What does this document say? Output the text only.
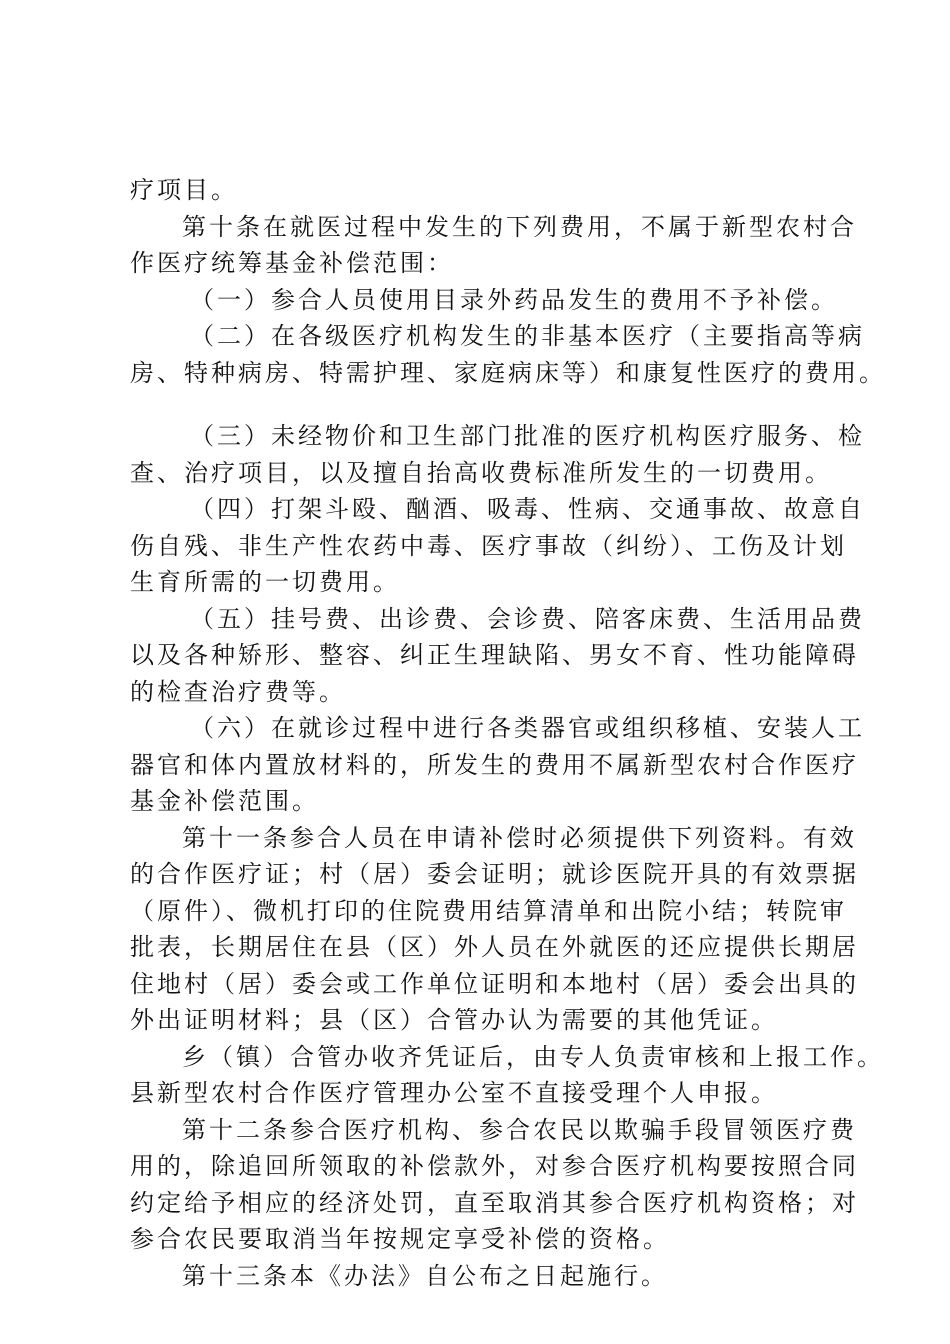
疗项目。
第十条在就医过程中发生的下列费用，不属于新型农村合
作医疗统筹基金补偿范围：
（一）参合人员使用目录外药品发生的费用不予补偿。
（二）在各级医疗机构发生的非基本医疗（主要指高等病
房、特种病房、特需护理、家庭病床等）和康复性医疗的费用。
（三）未经物价和卫生部门批准的医疗机构医疗服务、检
查、治疗项目，以及擅自抬高收费标准所发生的一切费用。
（四）打架斗殴、酗酒、吸毒、性病、交通事故、故意自
伤自残、非生产性农药中毒、医疗事故（纠纷）、工伤及计划
生育所需的一切费用。
（五）挂号费、出诊费、会诊费、陪客床费、生活用品费
以及各种矫形、整容、纠正生理缺陷、男女不育、性功能障碍
的检查治疗费等。
（六）在就诊过程中进行各类器官或组织移植、安装人工
器官和体内置放材料的，所发生的费用不属新型农村合作医疗
基金补偿范围。
第十一条参合人员在申请补偿时必须提供下列资料。有效
的合作医疗证；村（居）委会证明；就诊医院开具的有效票据
（原件）、微机打印的住院费用结算清单和出院小结；转院审
批表，长期居住在县（区）外人员在外就医的还应提供长期居
住地村（居）委会或工作单位证明和本地村（居）委会出具的
外出证明材料；县（区）合管办认为需要的其他凭证。
乡（镇）合管办收齐凭证后，由专人负责审核和上报工作。
县新型农村合作医疗管理办公室不直接受理个人申报。
第十二条参合医疗机构、参合农民以欺骗手段冒领医疗费
用的，除追回所领取的补偿款外，对参合医疗机构要按照合同
约定给予相应的经济处罚，直至取消其参合医疗机构资格；对
参合农民要取消当年按规定享受补偿的资格。
第十三条本《办法》自公布之日起施行。
